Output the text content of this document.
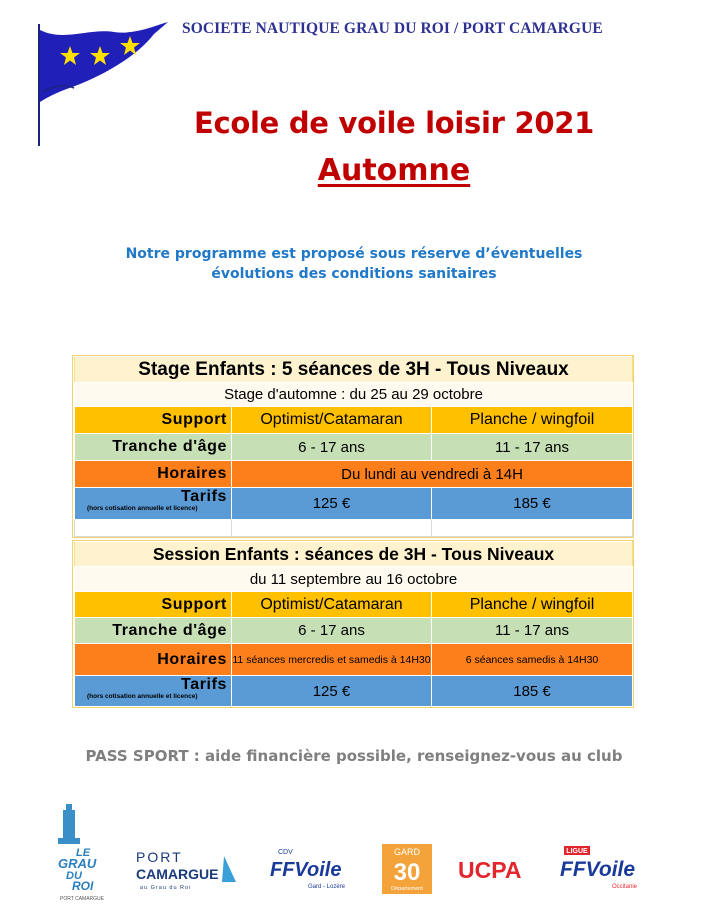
SOCIETE NAUTIQUE GRAU DU ROI / PORT CAMARGUE
Ecole de voile loisir 2021
Automne
Notre programme est proposé sous réserve d’éventuelles
évolutions des conditions sanitaires
Stage Enfants : 5 séances de 3H - Tous Niveaux		
Stage d'automne : du 25 au 29 octobre		
Support	Optimist/Catamaran	Planche / wingfoil
Tranche d'âge	6 - 17 ans	11 - 17 ans
Horaires	Du lundi au vendredi à 14H	
Tarifs
(hors cotisation annuelle et licence)	125 €	185 €

Session Enfants : séances de 3H - Tous Niveaux		
du 11 septembre au 16 octobre		
Support	Optimist/Catamaran	Planche / wingfoil
Tranche d'âge	6 - 17 ans	11 - 17 ans
Horaires	11 séances mercredis et samedis à 14H30	6 séances samedis à 14H30
Tarifs
(hors cotisation annuelle et licence)	125 €	185 €
PASS SPORT : aide financière possible, renseignez-vous au club
LE
GRAU
DU
ROI
PORT CAMARGUE
PORT
CAMARGUE
au Grau du Roi
CDV
FFVoile
Gard - Lozère
GARD
30
Département
UCPA
LIGUE
FFVoile
Occitanie
